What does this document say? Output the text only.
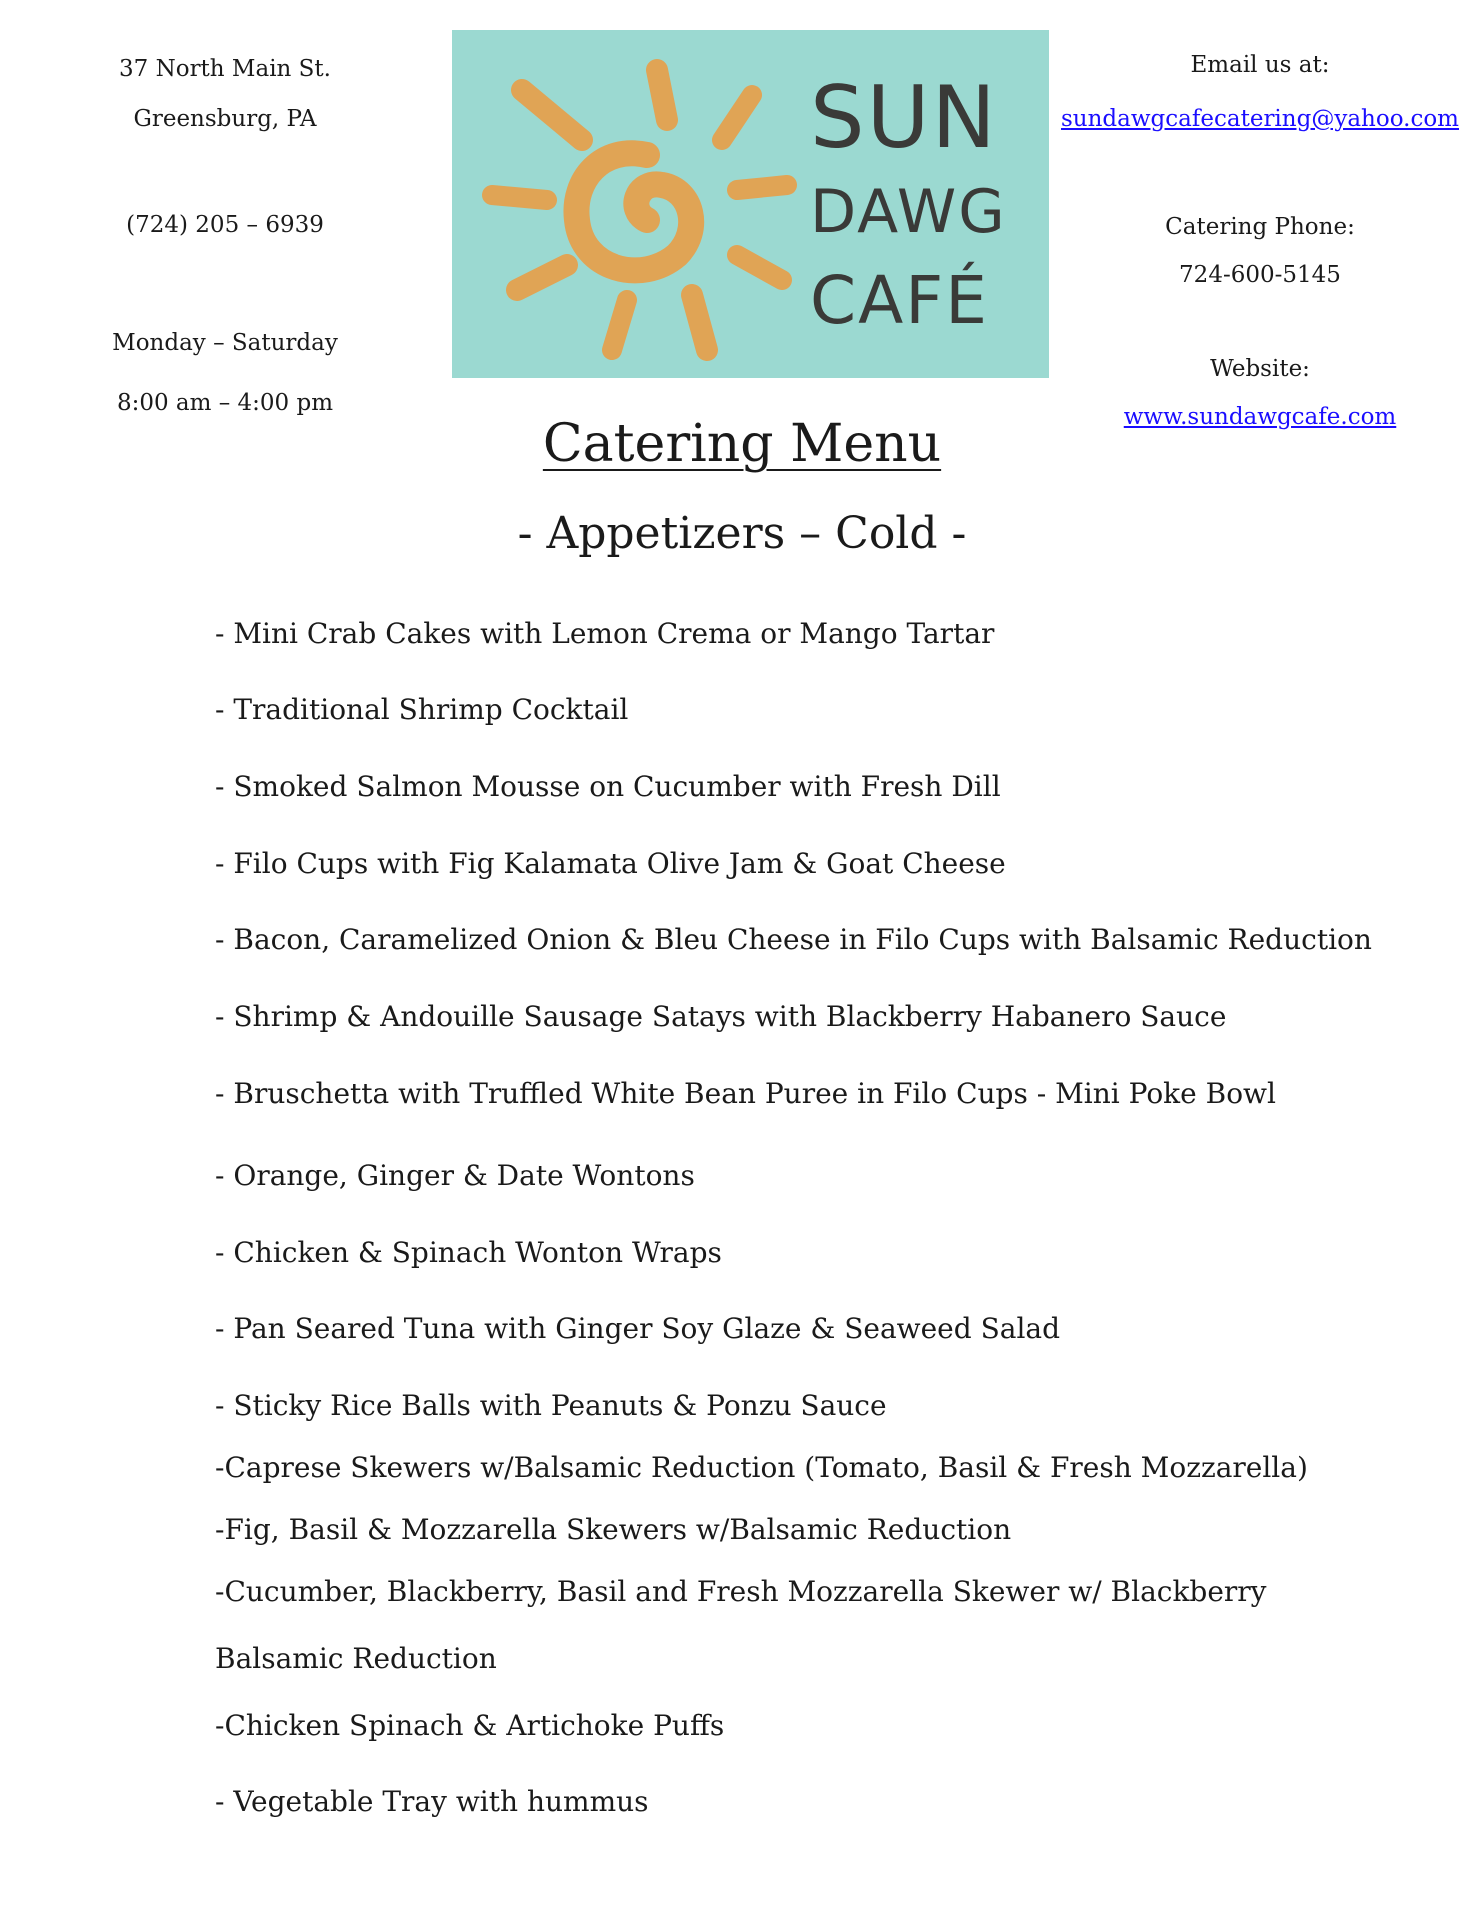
37 North Main St.
Greensburg, PA
(724) 205 – 6939
Monday – Saturday
8:00 am – 4:00 pm
SUN
DAWG
CAFÉ
Email us at:
sundawgcafecatering@yahoo.com
Catering Phone:
724-600-5145
Website:
www.sundawgcafe.com
Catering Menu
- Appetizers – Cold -
- Mini Crab Cakes with Lemon Crema or Mango Tartar
- Traditional Shrimp Cocktail
- Smoked Salmon Mousse on Cucumber with Fresh Dill
- Filo Cups with Fig Kalamata Olive Jam & Goat Cheese
- Bacon, Caramelized Onion & Bleu Cheese in Filo Cups with Balsamic Reduction
- Shrimp & Andouille Sausage Satays with Blackberry Habanero Sauce
- Bruschetta with Truffled White Bean Puree in Filo Cups - Mini Poke Bowl
- Orange, Ginger & Date Wontons
- Chicken & Spinach Wonton Wraps
- Pan Seared Tuna with Ginger Soy Glaze & Seaweed Salad
- Sticky Rice Balls with Peanuts & Ponzu Sauce
-Caprese Skewers w/Balsamic Reduction (Tomato, Basil & Fresh Mozzarella)
-Fig, Basil & Mozzarella Skewers w/Balsamic Reduction
-Cucumber, Blackberry, Basil and Fresh Mozzarella Skewer w/ Blackberry
Balsamic Reduction
-Chicken Spinach & Artichoke Puffs
- Vegetable Tray with hummus
